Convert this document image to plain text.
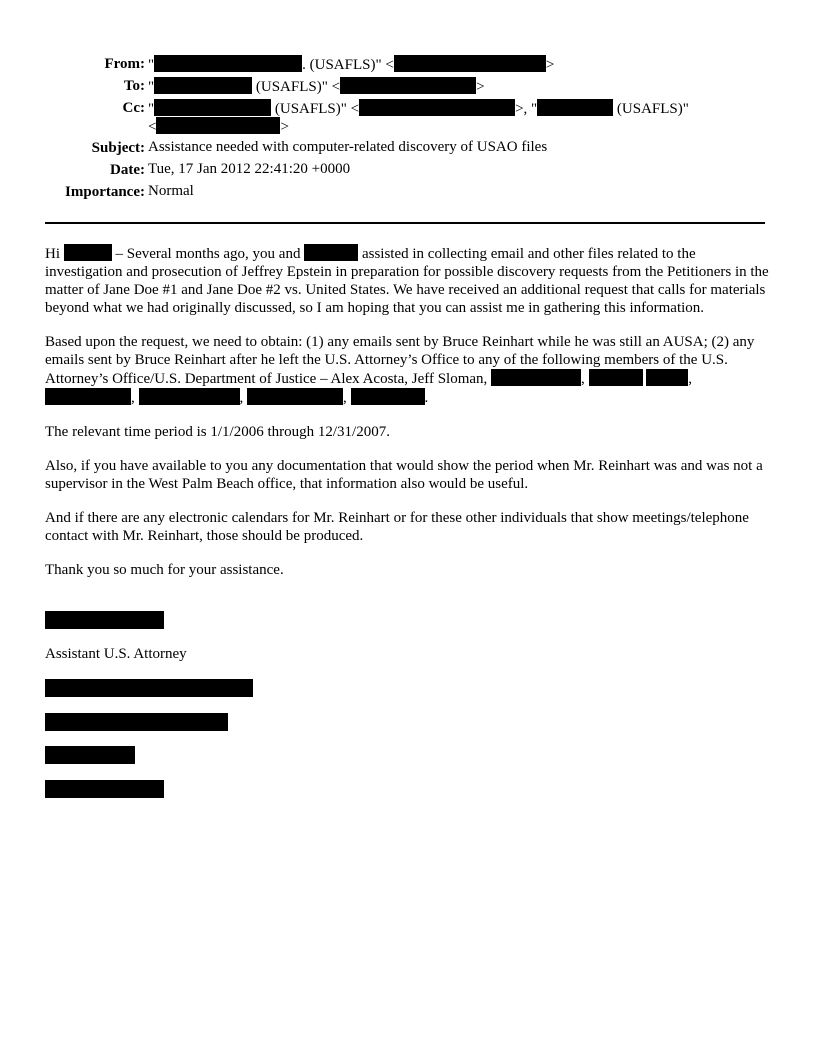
From: "	. (USAFLS)" <	>
To: "	(USAFLS)" <	>
Cc: "	(USAFLS)" <	>, "	(USAFLS)"
<	>
Subject: Assistance needed with computer-related discovery of USAO files
Date: Tue, 17 Jan 2012 22:41:20 +0000
Importance: Normal

Hi	– Several months ago, you and	assisted in collecting email and other files related to the investigation and prosecution of Jeffrey Epstein in preparation for possible discovery requests from the Petitioners in the matter of Jane Doe #1 and Jane Doe #2 vs. United States. We have received an additional request that calls for materials beyond what we had originally discussed, so I am hoping that you can assist me in gathering this information.

Based upon the request, we need to obtain: (1) any emails sent by Bruce Reinhart while he was still an AUSA; (2) any emails sent by Bruce Reinhart after he left the U.S. Attorney’s Office to any of the following members of the U.S. Attorney’s Office/U.S. Department of Justice – Alex Acosta, Jeff Sloman,	,	, ,	,	,	.

The relevant time period is 1/1/2006 through 12/31/2007.

Also, if you have available to you any documentation that would show the period when Mr. Reinhart was and was not a supervisor in the West Palm Beach office, that information also would be useful.

And if there are any electronic calendars for Mr. Reinhart or for these other individuals that show meetings/telephone contact with Mr. Reinhart, those should be produced.

Thank you so much for your assistance.

Assistant U.S. Attorney
